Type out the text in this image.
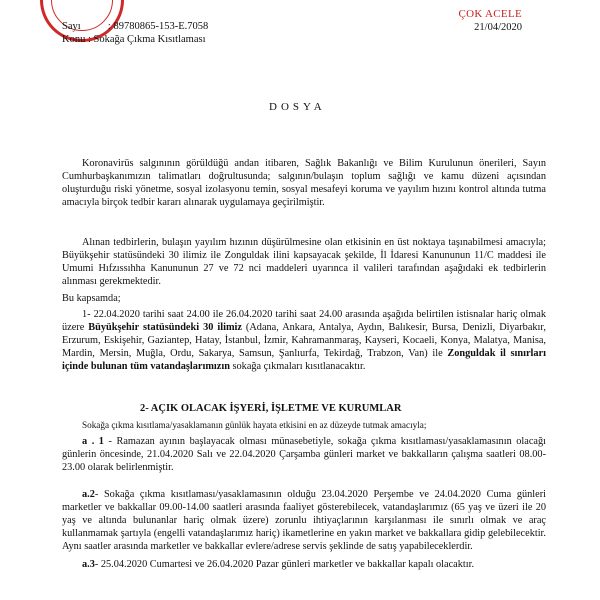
Sayı	: 89780865-153-E.7058
Konu : Sokağa Çıkma Kısıtlaması
ÇOK ACELE
21/04/2020
DOSYA

Koronavirüs salgınının görüldüğü andan itibaren, Sağlık Bakanlığı ve Bilim Kurulunun önerileri, Sayın Cumhurbaşkanımızın talimatları doğrultusunda; salgının/bulaşın toplum sağlığı ve kamu düzeni açısından oluşturduğu riski yönetme, sosyal izolasyonu temin, sosyal mesafeyi koruma ve yayılım hızını kontrol altında tutma amacıyla birçok tedbir kararı alınarak uygulamaya geçirilmiştir.

Alınan tedbirlerin, bulaşın yayılım hızının düşürülmesine olan etkisinin en üst noktaya taşınabilmesi amacıyla; Büyükşehir statüsündeki 30 ilimiz ile Zonguldak ilini kapsayacak şekilde, İl İdaresi Kanununun 11/C maddesi ile Umumi Hıfzıssıhha Kanununun 27 ve 72 nci maddeleri uyarınca il valileri tarafından aşağıdaki ek tedbirlerin alınması gerekmektedir.

Bu kapsamda;

1- 22.04.2020 tarihi saat 24.00 ile 26.04.2020 tarihi saat 24.00 arasında aşağıda belirtilen istisnalar hariç olmak üzere Büyükşehir statüsündeki 30 ilimiz (Adana, Ankara, Antalya, Aydın, Balıkesir, Bursa, Denizli, Diyarbakır, Erzurum, Eskişehir, Gaziantep, Hatay, İstanbul, İzmir, Kahramanmaraş, Kayseri, Kocaeli, Konya, Malatya, Manisa, Mardin, Mersin, Muğla, Ordu, Sakarya, Samsun, Şanlıurfa, Tekirdağ, Trabzon, Van) ile Zonguldak il sınırları içinde bulunan tüm vatandaşlarımızın sokağa çıkmaları kısıtlanacaktır.

2- AÇIK OLACAK İŞYERİ, İŞLETME VE KURUMLAR

Sokağa çıkma kısıtlama/yasaklamanın günlük hayata etkisini en az düzeyde tutmak amacıyla;

a . 1 - Ramazan ayının başlayacak olması münasebetiyle, sokağa çıkma kısıtlaması/yasaklamasının olacağı günlerin öncesinde, 21.04.2020 Salı ve 22.04.2020 Çarşamba günleri market ve bakkalların çalışma saatleri 08.00-23.00 olarak belirlenmiştir.

a.2- Sokağa çıkma kısıtlaması/yasaklamasının olduğu 23.04.2020 Perşembe ve 24.04.2020 Cuma günleri marketler ve bakkallar 09.00-14.00 saatleri arasında faaliyet gösterebilecek, vatandaşlarımız (65 yaş ve üzeri ile 20 yaş ve altında bulunanlar hariç olmak üzere) zorunlu ihtiyaçlarının karşılanması ile sınırlı olmak ve araç kullanmamak şartıyla (engelli vatandaşlarımız hariç) ikametlerine en yakın market ve bakkallara gidip gelebilecektir. Aynı saatler arasında marketler ve bakkallar evlere/adrese servis şeklinde de satış yapabileceklerdir.

a.3- 25.04.2020 Cumartesi ve 26.04.2020 Pazar günleri marketler ve bakkallar kapalı olacaktır.
